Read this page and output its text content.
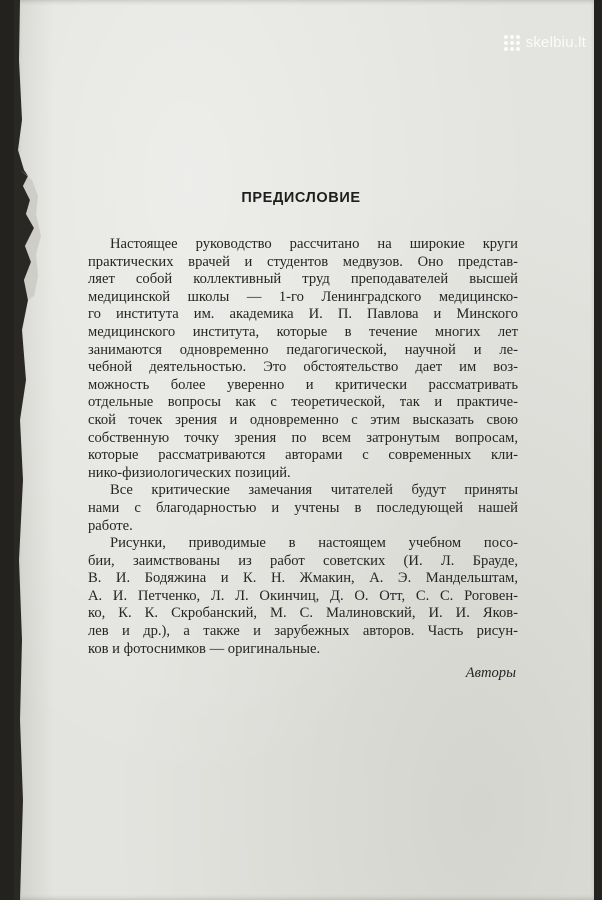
skelbiu.lt
ПРЕДИСЛОВИЕ

Настоящее руководство рассчитано на широкие круги
практических врачей и студентов медвузов. Оно представ-
ляет собой коллективный труд преподавателей высшей
медицинской школы — 1-го Ленинградского медицинско-
го института им. академика И. П. Павлова и Минского
медицинского института, которые в течение многих лет
занимаются одновременно педагогической, научной и ле-
чебной деятельностью. Это обстоятельство дает им воз-
можность более уверенно и критически рассматривать
отдельные вопросы как с теоретической, так и практиче-
ской точек зрения и одновременно с этим высказать свою
собственную точку зрения по всем затронутым вопросам,
которые рассматриваются авторами с современных кли-
нико-физиологических позиций.

Все критические замечания читателей будут приняты
нами с благодарностью и учтены в последующей нашей
работе.

Рисунки, приводимые в настоящем учебном посо-
бии, заимствованы из работ советских (И. Л. Брауде,
В. И. Бодяжина и К. Н. Жмакин, А. Э. Мандельштам,
А. И. Петченко, Л. Л. Окинчиц, Д. О. Отт, С. С. Роговен-
ко, К. К. Скробанский, М. С. Малиновский, И. И. Яков-
лев и др.), а также и зарубежных авторов. Часть рисун-
ков и фотоснимков — оригинальные.

Авторы
